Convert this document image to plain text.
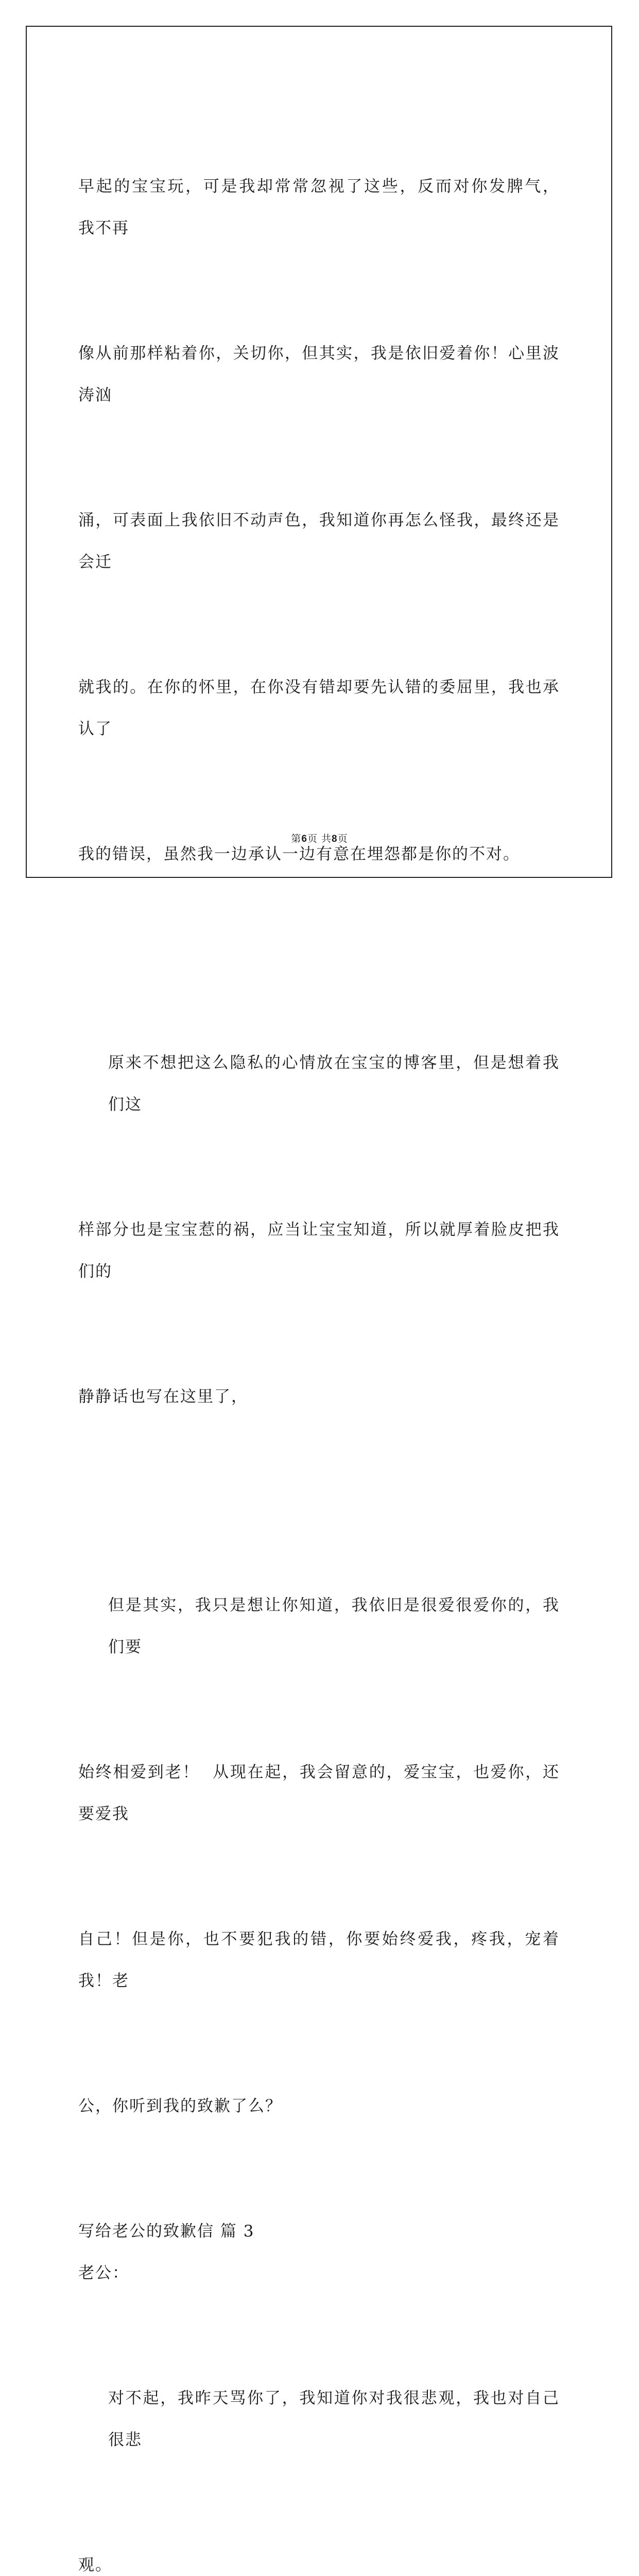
早起的宝宝玩，可是我却常常忽视了这些，反而对你发脾气，  我不再

像从前那样粘着你，关切你，但其实，我是依旧爱着你！心里波涛汹

涌，可表面上我依旧不动声色，我知道你再怎么怪我，最终还是会迁

就我的。在你的怀里，在你没有错却要先认错的委屈里，我也承认了

我的错误，虽然我一边承认一边有意在埋怨都是你的不对。

原来不想把这么隐私的心情放在宝宝的博客里，但是想着我们这

样部分也是宝宝惹的祸，应当让宝宝知道，所以就厚着脸皮把我们的

静静话也写在这里了，

但是其实，我只是想让你知道，我依旧是很爱很爱你的，我们要

始终相爱到老！  从现在起，我会留意的，爱宝宝，也爱你，还要爱我

自己！但是你，也不要犯我的错，你要始终爱我，疼我，宠着我！老

公，你听到我的致歉了么？

写给老公的致歉信 篇 3
老公：

对不起，我昨天骂你了，我知道你对我很悲观，我也对自己很悲

观。

第6页 共8页
